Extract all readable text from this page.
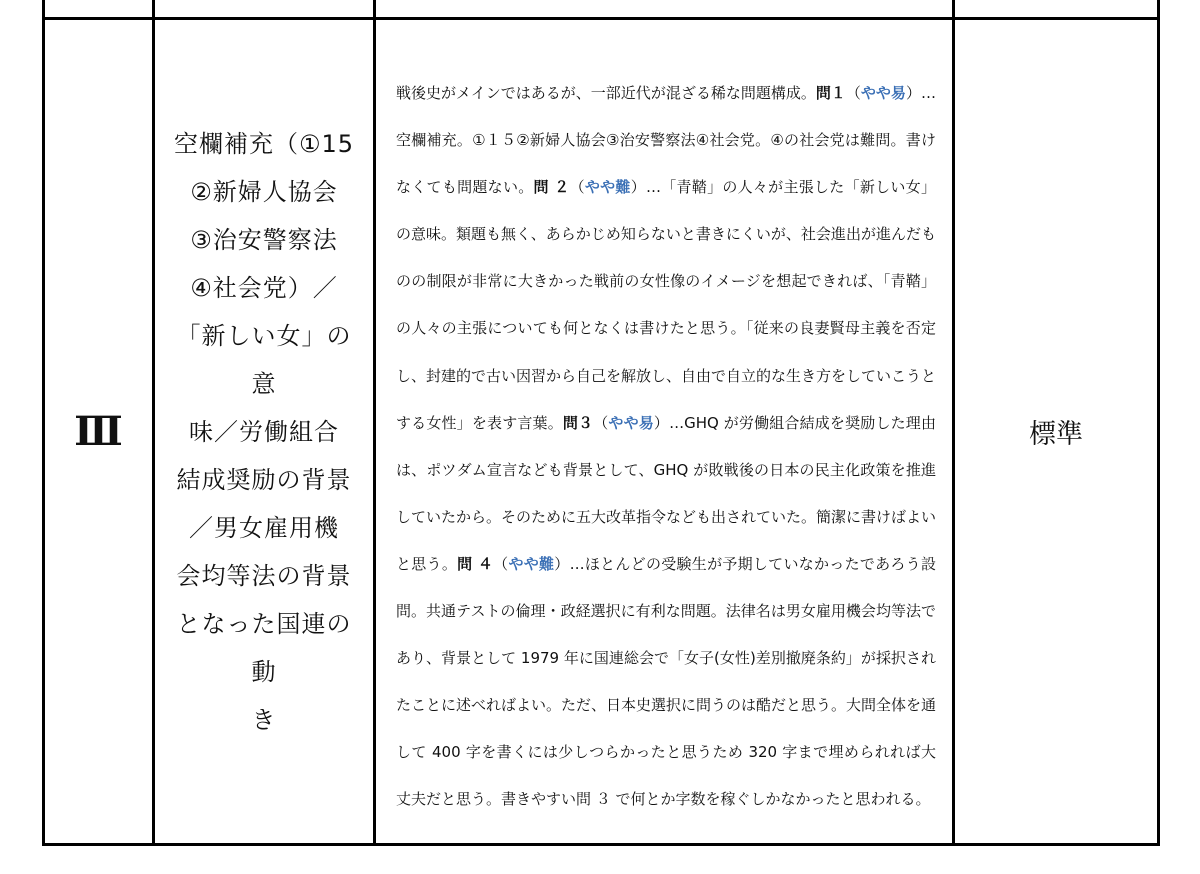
Ⅲ
空欄補充（①15
②新婦人協会
③治安警察法
④社会党）／
「新しい女」の意
味／労働組合
結成奨励の背景
／男女雇用機
会均等法の背景
となった国連の動
き
戦後史がメインではあるが、一部近代が混ざる稀な問題構成。問１（やや易）…空欄補充。①１５②新婦人協会③治安警察法④社会党。④の社会党は難問。書けなくても問題ない。問 ２（やや難）…「青鞜」の人々が主張した「新しい女」の意味。類題も無く、あらかじめ知らないと書きにくいが、社会進出が進んだものの制限が非常に大きかった戦前の女性像のイメージを想起できれば、「青鞜」の人々の主張についても何となくは書けたと思う。「従来の良妻賢母主義を否定し、封建的で古い因習から自己を解放し、自由で自立的な生き方をしていこうとする女性」を表す言葉。問３（やや易）…GHQ が労働組合結成を奨励した理由は、ポツダム宣言なども背景として、GHQ が敗戦後の日本の民主化政策を推進していたから。そのために五大改革指令なども出されていた。簡潔に書けばよいと思う。問 ４（やや難）…ほとんどの受験生が予期していなかったであろう設問。共通テストの倫理・政経選択に有利な問題。法律名は男女雇用機会均等法であり、背景として 1979 年に国連総会で「女子(女性)差別撤廃条約」が採択されたことに述べればよい。ただ、日本史選択に問うのは酷だと思う。大問全体を通して 400 字を書くには少しつらかったと思うため 320 字まで埋められれば大丈夫だと思う。書きやすい問 ３ で何とか字数を稼ぐしかなかったと思われる。
標準
